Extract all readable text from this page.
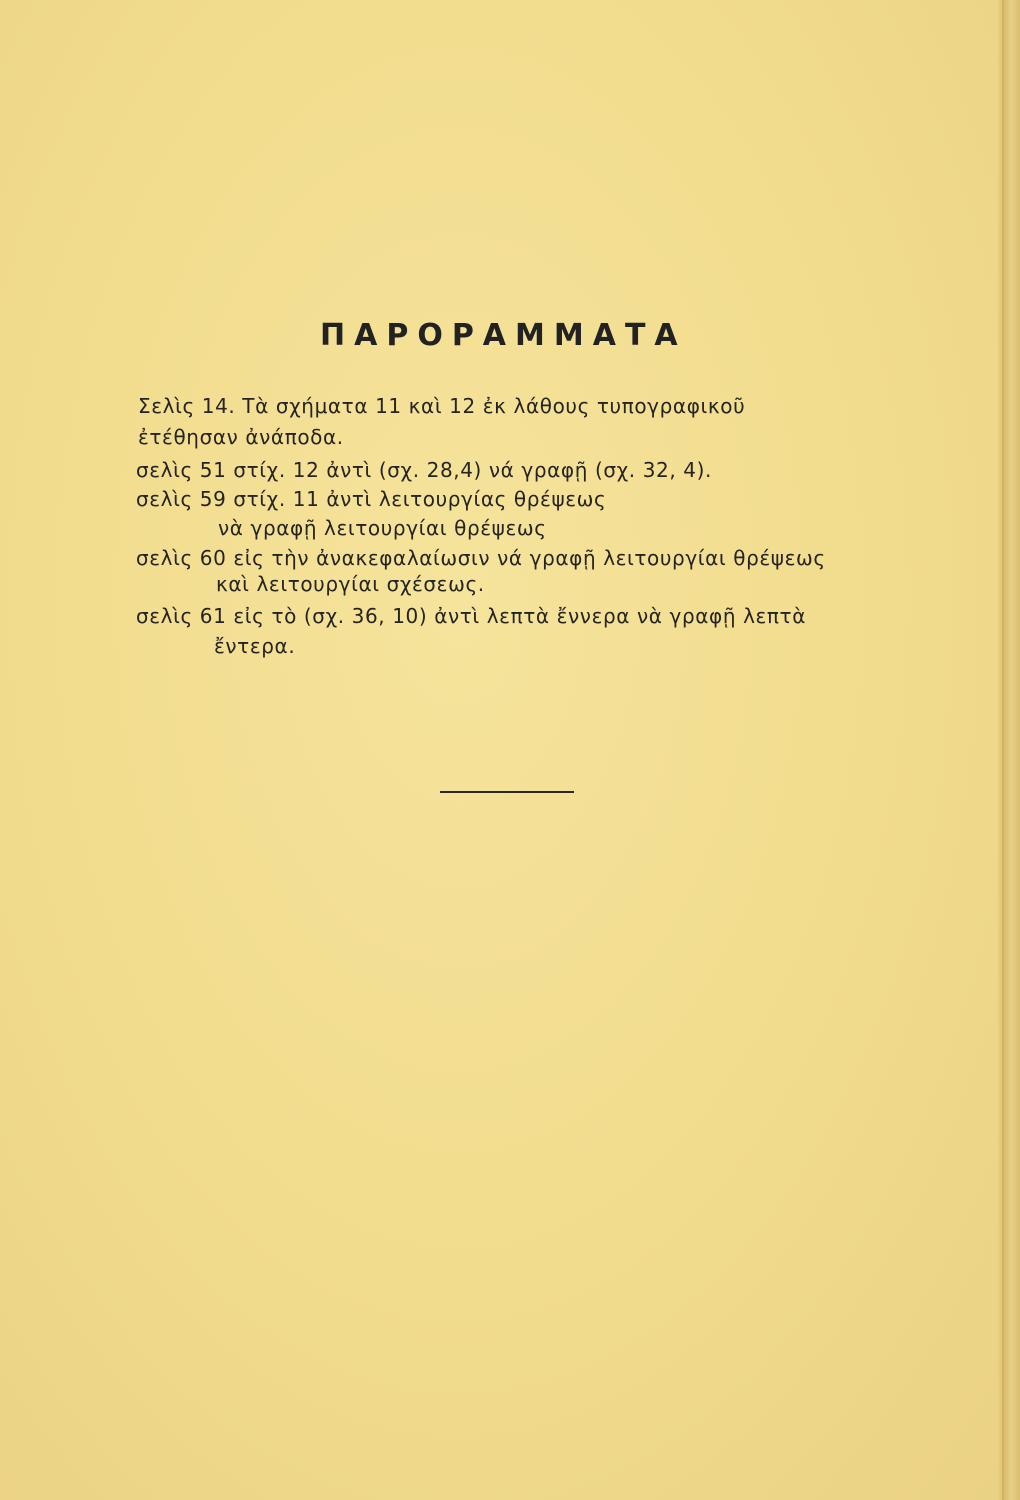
ΠΑΡΟΡΑΜΜΑΤΑ
Σελὶς 14. Τὰ σχήματα 11 καὶ 12 ἐκ λάθους τυπογραφικοῦ
ἐτέθησαν ἀνάποδα.
σελὶς 51 στίχ. 12 ἀντὶ (σχ. 28,4) νά γραφῇ (σχ. 32, 4).
σελὶς 59 στίχ. 11 ἀντὶ λειτουργίας θρέψεως
νὰ γραφῇ λειτουργίαι θρέψεως
σελὶς 60 εἰς τὴν ἀνακεφαλαίωσιν νά γραφῇ λειτουργίαι θρέψεως
καὶ λειτουργίαι σχέσεως.
σελὶς 61 εἰς τὸ (σχ. 36, 10) ἀντὶ λεπτὰ ἔννερα νὰ γραφῇ λεπτὰ
ἔντερα.
